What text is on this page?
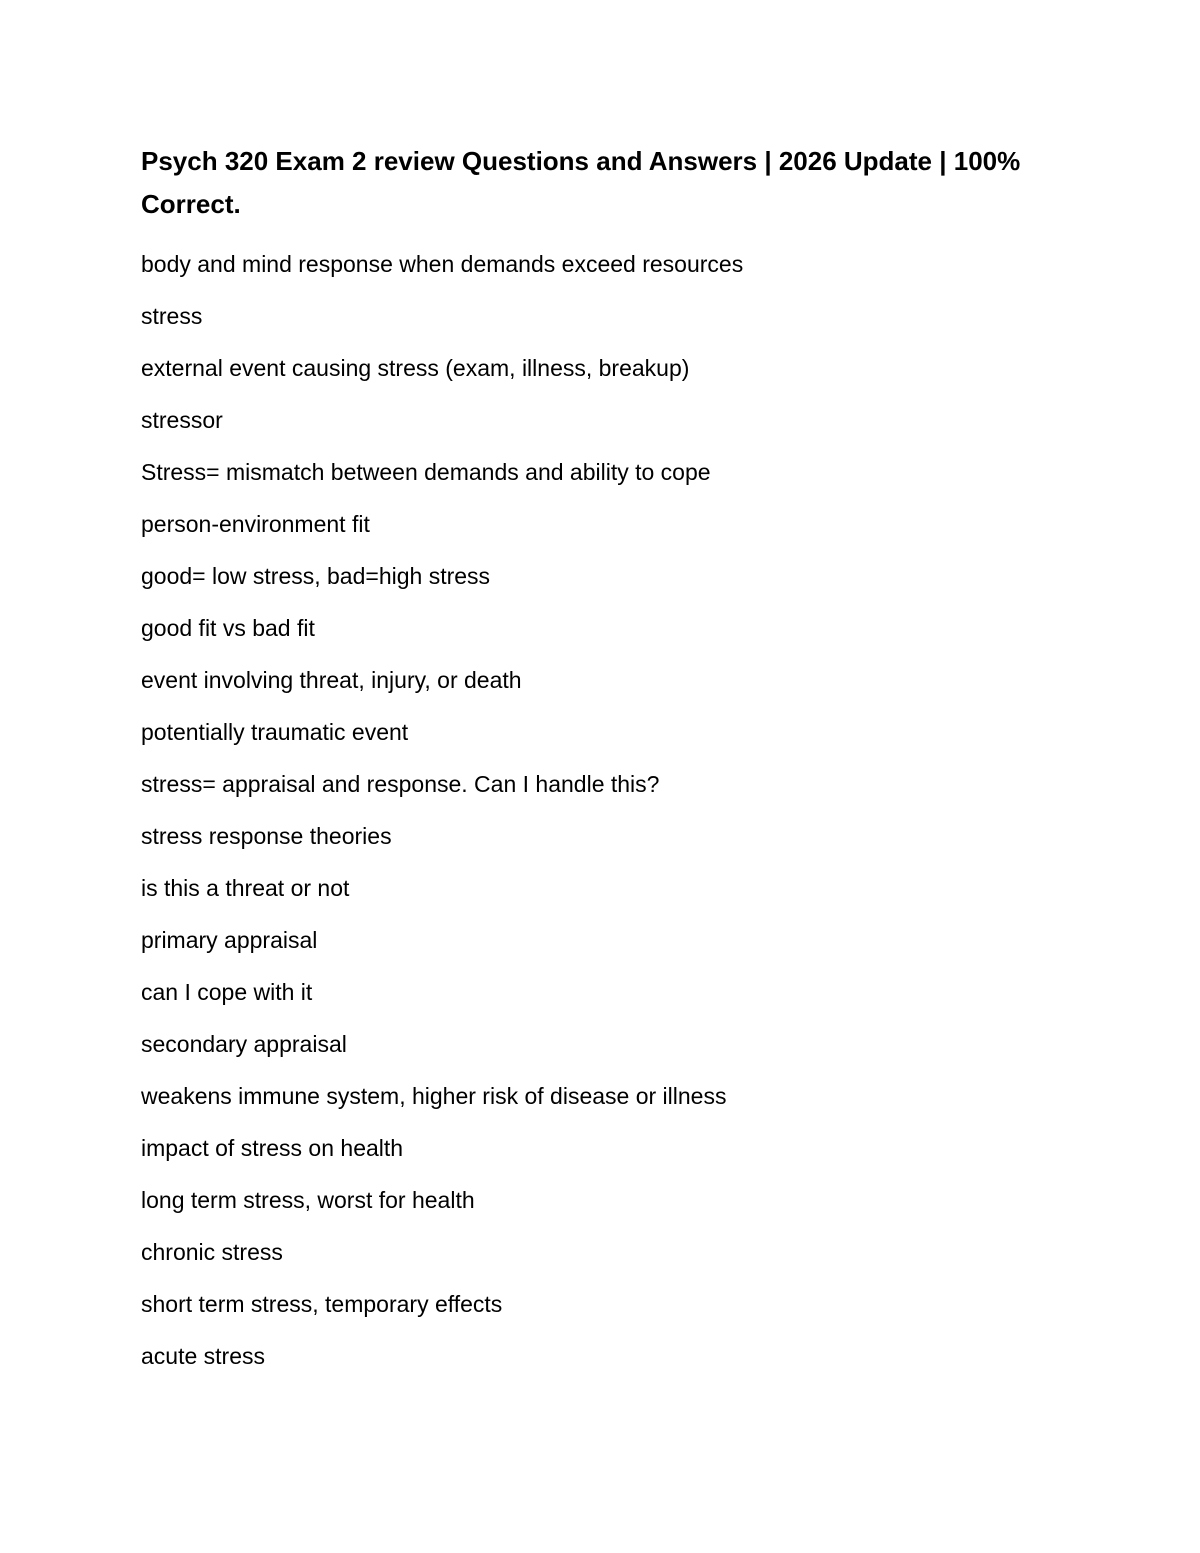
Psych 320 Exam 2 review Questions and Answers | 2026 Update | 100% Correct.

body and mind response when demands exceed resources

stress

external event causing stress (exam, illness, breakup)

stressor

Stress= mismatch between demands and ability to cope

person-environment fit

good= low stress, bad=high stress

good fit vs bad fit

event involving threat, injury, or death

potentially traumatic event

stress= appraisal and response. Can I handle this?

stress response theories

is this a threat or not

primary appraisal

can I cope with it

secondary appraisal

weakens immune system, higher risk of disease or illness

impact of stress on health

long term stress, worst for health

chronic stress

short term stress, temporary effects

acute stress
